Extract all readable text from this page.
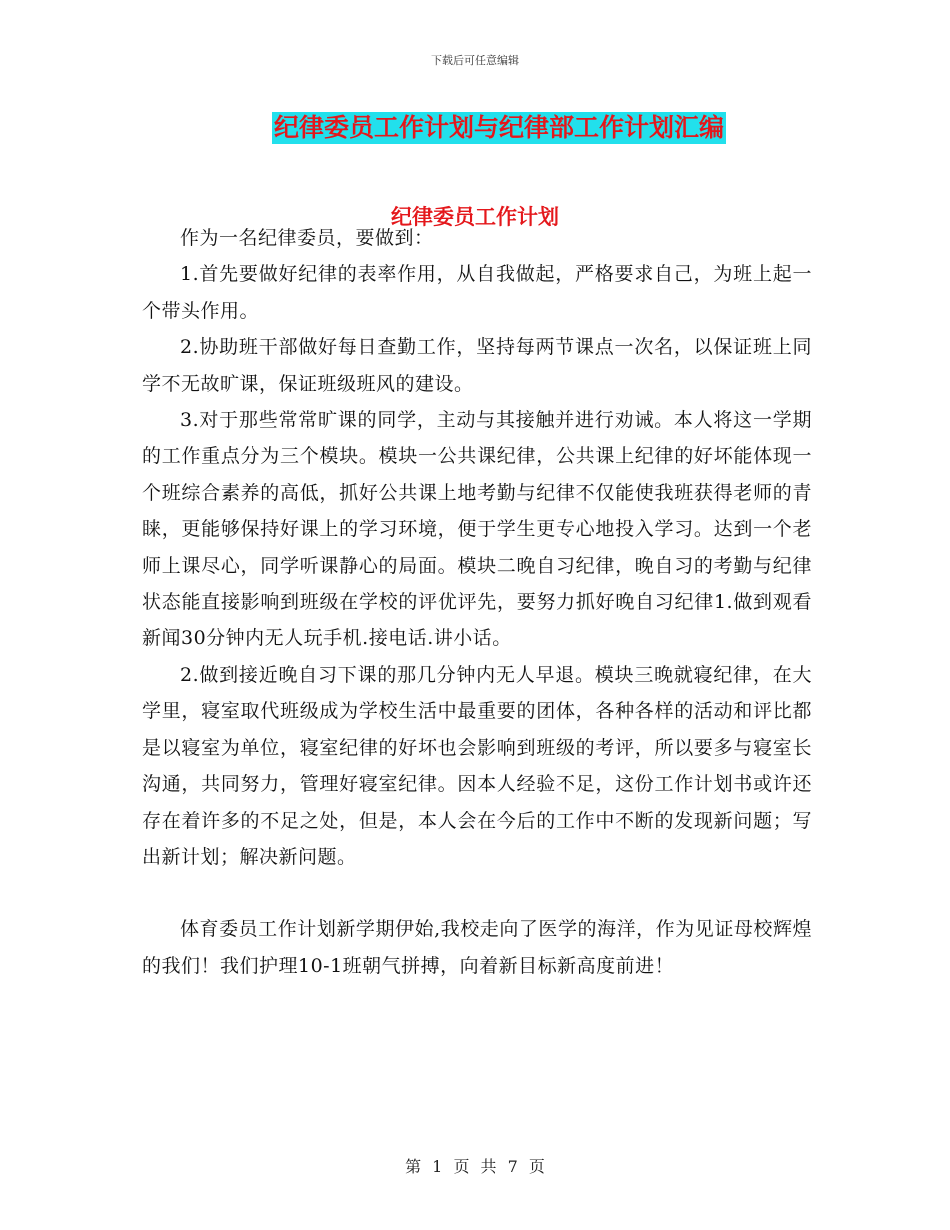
下载后可任意编辑
纪律委员工作计划与纪律部工作计划汇编
纪律委员工作计划

作为一名纪律委员，要做到：

1.首先要做好纪律的表率作用，从自我做起，严格要求自己，为班上起一个带头作用。

2.协助班干部做好每日查勤工作，坚持每两节课点一次名，以保证班上同学不无故旷课，保证班级班风的建设。

3.对于那些常常旷课的同学，主动与其接触并进行劝诫。本人将这一学期的工作重点分为三个模块。模块一公共课纪律，公共课上纪律的好坏能体现一个班综合素养的高低，抓好公共课上地考勤与纪律不仅能使我班获得老师的青睐，更能够保持好课上的学习环境，便于学生更专心地投入学习。达到一个老师上课尽心，同学听课静心的局面。模块二晚自习纪律，晚自习的考勤与纪律状态能直接影响到班级在学校的评优评先，要努力抓好晚自习纪律1.做到观看新闻30分钟内无人玩手机.接电话.讲小话。

2.做到接近晚自习下课的那几分钟内无人早退。模块三晚就寝纪律，在大学里，寝室取代班级成为学校生活中最重要的团体，各种各样的活动和评比都是以寝室为单位，寝室纪律的好坏也会影响到班级的考评，所以要多与寝室长沟通，共同努力，管理好寝室纪律。因本人经验不足，这份工作计划书或许还存在着许多的不足之处，但是，本人会在今后的工作中不断的发现新问题；写出新计划；解决新问题。

体育委员工作计划新学期伊始,我校走向了医学的海洋，作为见证母校辉煌的我们！我们护理10-1班朝气拼搏，向着新目标新高度前进！

第 1 页 共 7 页
